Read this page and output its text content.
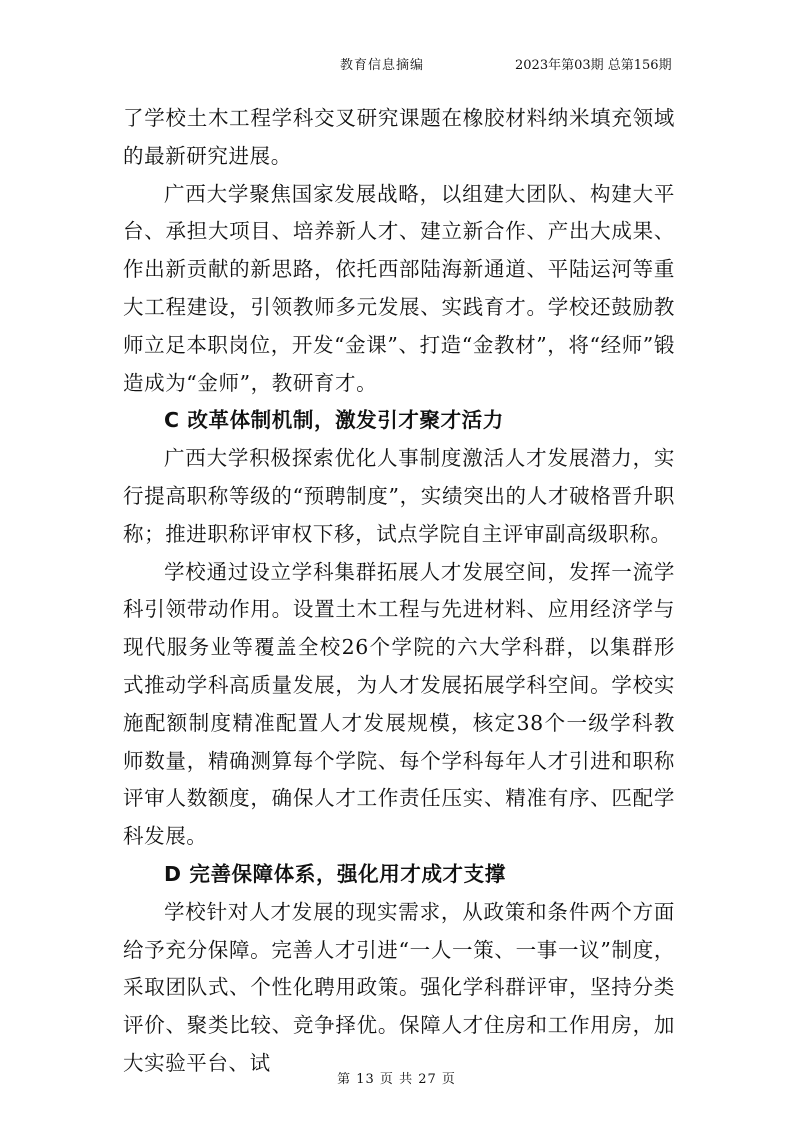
教育信息摘编	2023年第03期 总第156期

了学校土木工程学科交叉研究课题在橡胶材料纳米填充领域的最新研究进展。

广西大学聚焦国家发展战略，以组建大团队、构建大平台、承担大项目、培养新人才、建立新合作、产出大成果、作出新贡献的新思路，依托西部陆海新通道、平陆运河等重大工程建设，引领教师多元发展、实践育才。学校还鼓励教师立足本职岗位，开发“金课”、打造“金教材”，将“经师”锻造成为“金师”，教研育才。

C 改革体制机制，激发引才聚才活力

广西大学积极探索优化人事制度激活人才发展潜力，实行提高职称等级的“预聘制度”，实绩突出的人才破格晋升职称；推进职称评审权下移，试点学院自主评审副高级职称。

学校通过设立学科集群拓展人才发展空间，发挥一流学科引领带动作用。设置土木工程与先进材料、应用经济学与现代服务业等覆盖全校26个学院的六大学科群，以集群形式推动学科高质量发展，为人才发展拓展学科空间。学校实施配额制度精准配置人才发展规模，核定38个一级学科教师数量，精确测算每个学院、每个学科每年人才引进和职称评审人数额度，确保人才工作责任压实、精准有序、匹配学科发展。

D 完善保障体系，强化用才成才支撑

学校针对人才发展的现实需求，从政策和条件两个方面给予充分保障。完善人才引进“一人一策、一事一议”制度，采取团队式、个性化聘用政策。强化学科群评审，坚持分类评价、聚类比较、竞争择优。保障人才住房和工作用房，加大实验平台、试

第 13 页 共 27 页
